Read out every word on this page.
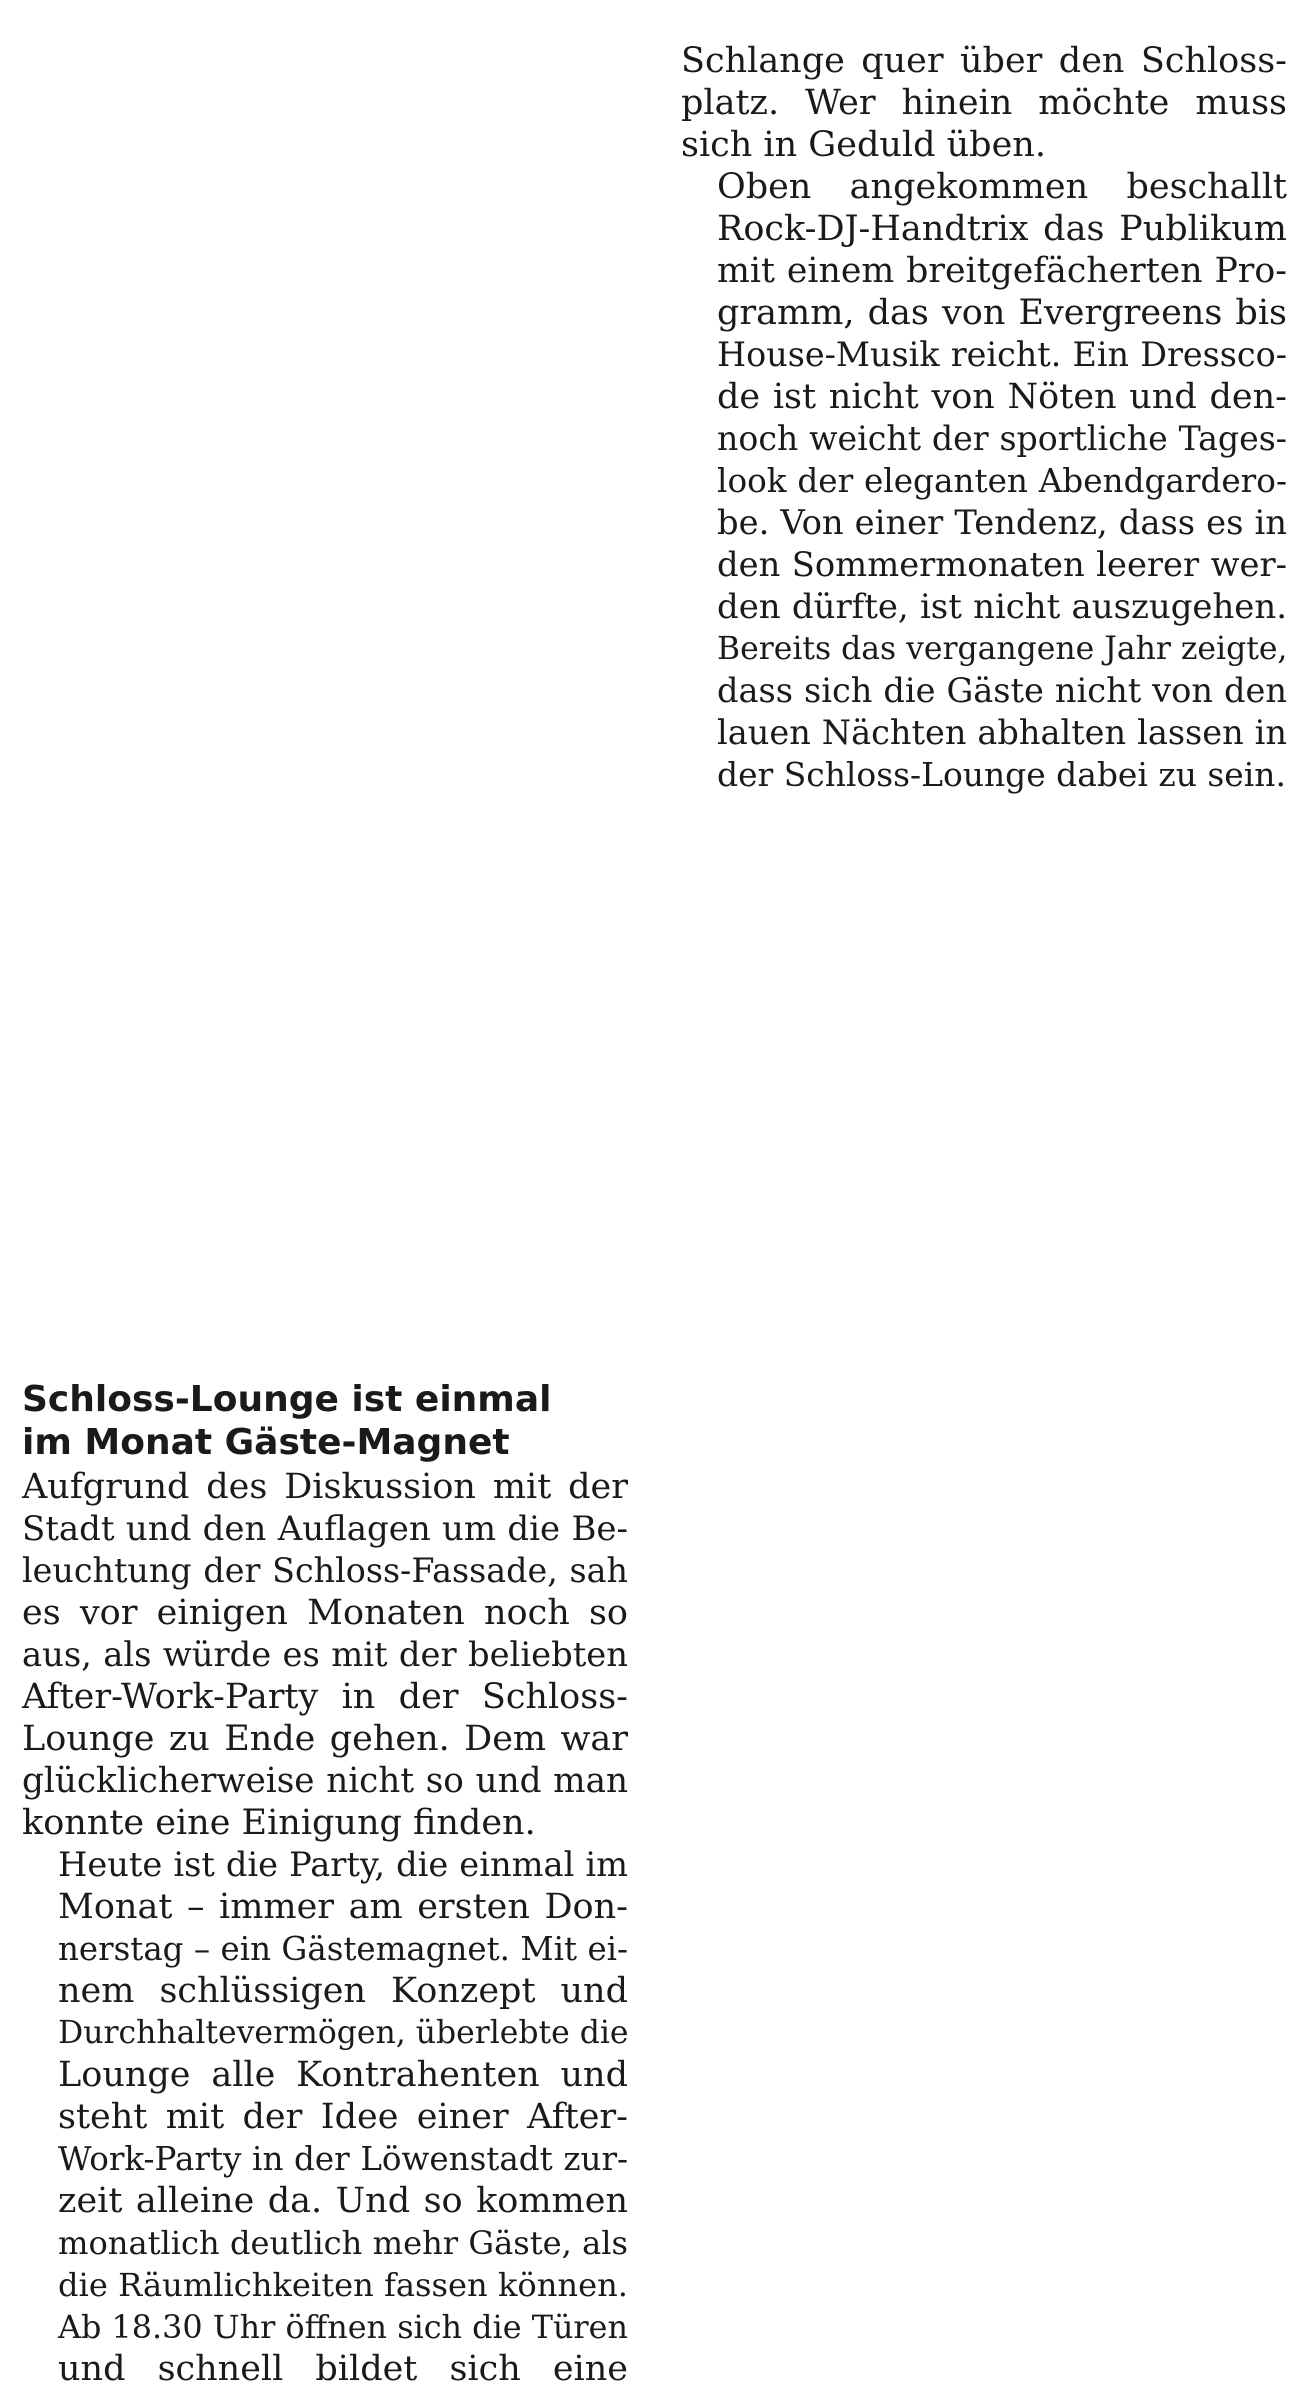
Schlange quer über den Schloss-
platz. Wer hinein möchte muss
sich in Geduld üben.

Oben angekommen beschallt
Rock-DJ-Handtrix das Publikum
mit einem breitgefächerten Pro-
gramm, das von Evergreens bis
House-Musik reicht. Ein Dressco-
de ist nicht von Nöten und den-
noch weicht der sportliche Tages-
look der eleganten Abendgardero-
be. Von einer Tendenz, dass es in
den Sommermonaten leerer wer-
den dürfte, ist nicht auszugehen.
Bereits das vergangene Jahr zeigte,
dass sich die Gäste nicht von den
lauen Nächten abhalten lassen in
der Schloss-Lounge dabei zu sein.

Schloss-Lounge ist einmal
im Monat Gäste-Magnet

Aufgrund des Diskussion mit der
Stadt und den Auflagen um die Be-
leuchtung der Schloss-Fassade, sah
es vor einigen Monaten noch so
aus, als würde es mit der beliebten
After-Work-Party in der Schloss-
Lounge zu Ende gehen. Dem war
glücklicherweise nicht so und man
konnte eine Einigung finden.

Heute ist die Party, die einmal im
Monat – immer am ersten Don-
nerstag – ein Gästemagnet. Mit ei-
nem schlüssigen Konzept und
Durchhaltevermögen, überlebte die
Lounge alle Kontrahenten und
steht mit der Idee einer After-
Work-Party in der Löwenstadt zur-
zeit alleine da. Und so kommen
monatlich deutlich mehr Gäste, als
die Räumlichkeiten fassen können.
Ab 18.30 Uhr öffnen sich die Türen
und schnell bildet sich eine
